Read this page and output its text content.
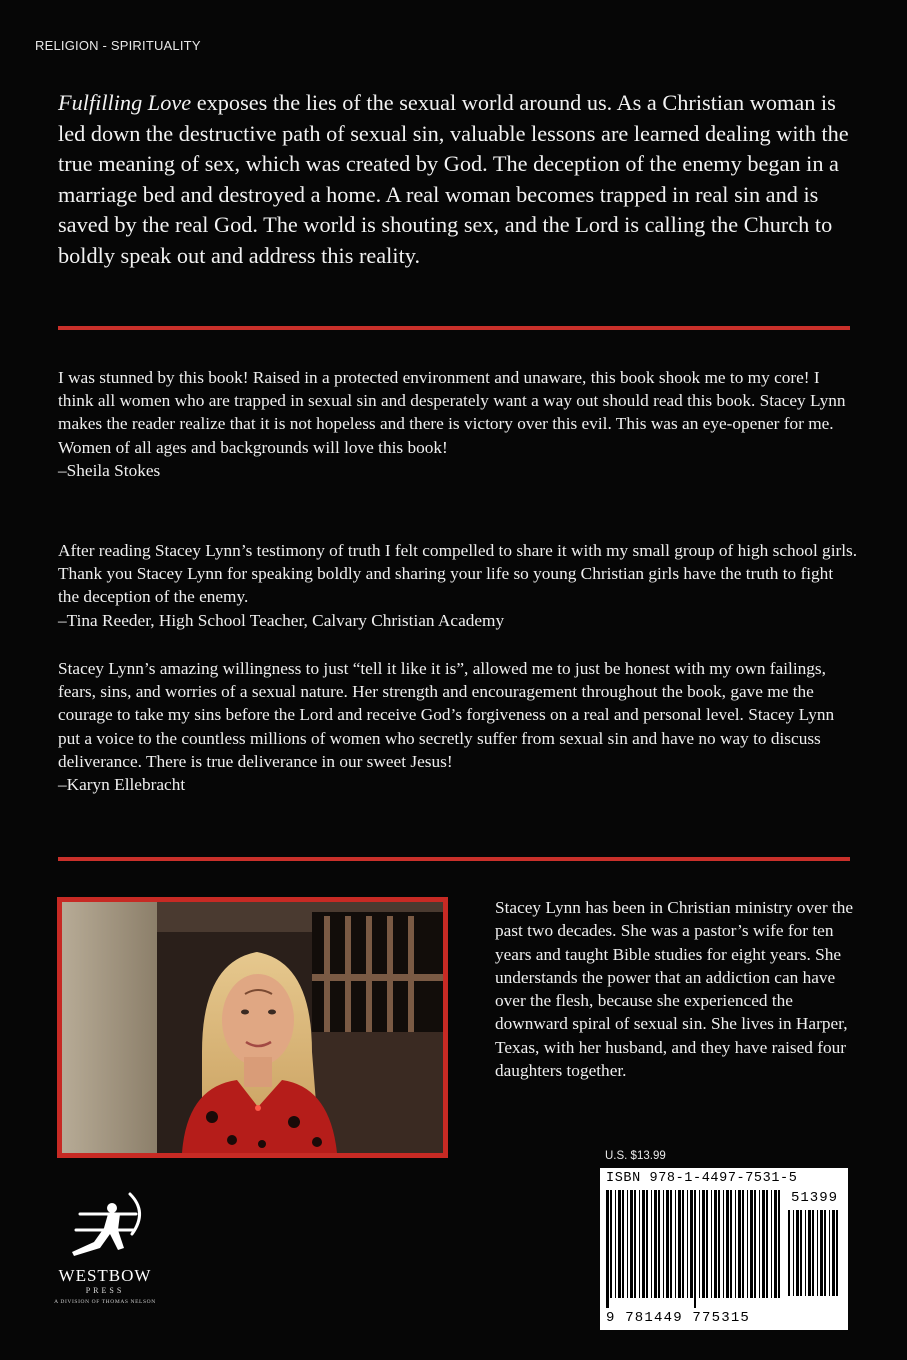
RELIGION - SPIRITUALITY

Fulfilling Love exposes the lies of the sexual world around us. As a Christian woman is led down the destructive path of sexual sin, valuable lessons are learned dealing with the true meaning of sex, which was created by God. The deception of the enemy began in a marriage bed and destroyed a home. A real woman becomes trapped in real sin and is saved by the real God. The world is shouting sex, and the Lord is calling the Church to boldly speak out and address this reality.

I was stunned by this book! Raised in a protected environment and unaware, this book shook me to my core! I think all women who are trapped in sexual sin and desperately want a way out should read this book. Stacey Lynn makes the reader realize that it is not hopeless and there is victory over this evil. This was an eye-opener for me. Women of all ages and backgrounds will love this book!
–Sheila Stokes

After reading Stacey Lynn’s testimony of truth I felt compelled to share it with my small group of high school girls. Thank you Stacey Lynn for speaking boldly and sharing your life so young Christian girls have the truth to fight the deception of the enemy.
–Tina Reeder, High School Teacher, Calvary Christian Academy

Stacey Lynn’s amazing willingness to just “tell it like it is”, allowed me to just be honest with my own failings, fears, sins, and worries of a sexual nature. Her strength and encouragement throughout the book, gave me the courage to take my sins before the Lord and receive God’s forgiveness on a real and personal level. Stacey Lynn put a voice to the countless millions of women who secretly suffer from sexual sin and have no way to discuss deliverance. There is true deliverance in our sweet Jesus!
–Karyn Ellebracht

Stacey Lynn has been in Christian ministry over the past two decades. She was a pastor’s wife for ten years and taught Bible studies for eight years. She understands the power that an addiction can have over the flesh, because she experienced the downward spiral of sexual sin. She lives in Harper, Texas, with her husband, and they have raised four daughters together.

U.S. $13.99
ISBN 978-1-4497-7531-5
51399
9 781449 775315
WESTBOW
PRESS
A DIVISION OF THOMAS NELSON
